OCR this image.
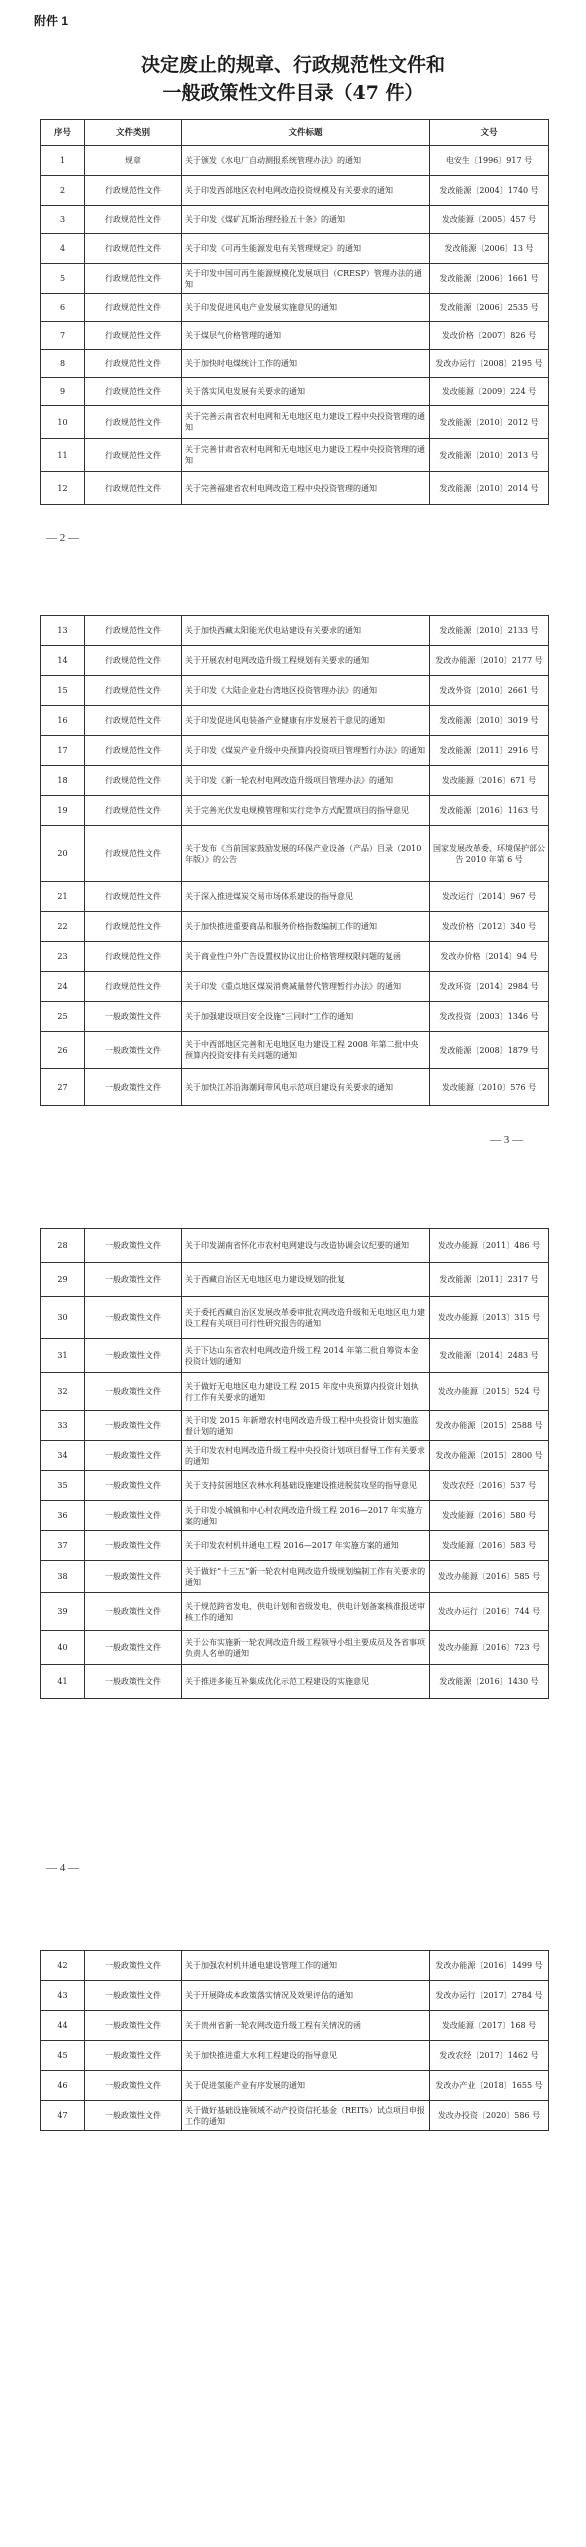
附件 1
决定废止的规章、行政规范性文件和
一般政策性文件目录（47 件）
序号	文件类别	文件标题	文号
1	规章	关于颁发《水电厂自动测报系统管理办法》的通知	电安生〔1996〕917 号
2	行政规范性文件	关于印发西部地区农村电网改造投资规模及有关要求的通知	发改能源〔2004〕1740 号
3	行政规范性文件	关于印发《煤矿瓦斯治理经验五十条》的通知	发改能源〔2005〕457 号
4	行政规范性文件	关于印发《可再生能源发电有关管理规定》的通知	发改能源〔2006〕13 号
5	行政规范性文件	关于印发中国可再生能源规模化发展项目（CRESP）管理办法的通知	发改能源〔2006〕1661 号
6	行政规范性文件	关于印发促进风电产业发展实施意见的通知	发改能源〔2006〕2535 号
7	行政规范性文件	关于煤层气价格管理的通知	发改价格〔2007〕826 号
8	行政规范性文件	关于加快时电煤统计工作的通知	发改办运行〔2008〕2195 号
9	行政规范性文件	关于落实风电发展有关要求的通知	发改能源〔2009〕224 号
10	行政规范性文件	关于完善云南省农村电网和无电地区电力建设工程中央投资管理的通知	发改能源〔2010〕2012 号
11	行政规范性文件	关于完善甘肃省农村电网和无电地区电力建设工程中央投资管理的通知	发改能源〔2010〕2013 号
12	行政规范性文件	关于完善福建省农村电网改造工程中央投资管理的通知	发改能源〔2010〕2014 号
— 2 —
13	行政规范性文件	关于加快西藏太阳能光伏电站建设有关要求的通知	发改能源〔2010〕2133 号
14	行政规范性文件	关于开展农村电网改造升级工程规划有关要求的通知	发改办能源〔2010〕2177 号
15	行政规范性文件	关于印发《大陆企业赴台湾地区投资管理办法》的通知	发改外资〔2010〕2661 号
16	行政规范性文件	关于印发促进风电装备产业健康有序发展若干意见的通知	发改能源〔2010〕3019 号
17	行政规范性文件	关于印发《煤炭产业升级中央预算内投资项目管理暂行办法》的通知	发改能源〔2011〕2916 号
18	行政规范性文件	关于印发《新一轮农村电网改造升级项目管理办法》的通知	发改能源〔2016〕671 号
19	行政规范性文件	关于完善光伏发电规模管理和实行竞争方式配置项目的指导意见	发改能源〔2016〕1163 号
20	行政规范性文件	关于发布《当前国家鼓励发展的环保产业设备（产品）目录（2010 年版）》的公告	国家发展改革委、环境保护部公告 2010 年第 6 号
21	行政规范性文件	关于深入推进煤炭交易市场体系建设的指导意见	发改运行〔2014〕967 号
22	行政规范性文件	关于加快推进重要商品和服务价格指数编制工作的通知	发改价格〔2012〕340 号
23	行政规范性文件	关于商业性户外广告设置权协议出让价格管理权限问题的复函	发改办价格〔2014〕94 号
24	行政规范性文件	关于印发《重点地区煤炭消费减量替代管理暂行办法》的通知	发改环资〔2014〕2984 号
25	一般政策性文件	关于加强建设项目安全设施“三同时”工作的通知	发改投资〔2003〕1346 号
26	一般政策性文件	关于中西部地区完善和无电地区电力建设工程 2008 年第二批中央预算内投资安排有关问题的通知	发改能源〔2008〕1879 号
27	一般政策性文件	关于加快江苏沿海潮间带风电示范项目建设有关要求的通知	发改能源〔2010〕576 号
— 3 —
28	一般政策性文件	关于印发湖南省怀化市农村电网建设与改造协调会议纪要的通知	发改办能源〔2011〕486 号
29	一般政策性文件	关于西藏自治区无电地区电力建设规划的批复	发改能源〔2011〕2317 号
30	一般政策性文件	关于委托西藏自治区发展改革委审批农网改造升级和无电地区电力建设工程有关项目可行性研究报告的通知	发改办能源〔2013〕315 号
31	一般政策性文件	关于下达山东省农村电网改造升级工程 2014 年第二批自筹资本金投资计划的通知	发改能源〔2014〕2483 号
32	一般政策性文件	关于做好无电地区电力建设工程 2015 年度中央预算内投资计划执行工作有关要求的通知	发改办能源〔2015〕524 号
33	一般政策性文件	关于印发 2015 年新增农村电网改造升级工程中央投资计划实施监督计划的通知	发改办能源〔2015〕2588 号
34	一般政策性文件	关于印发农村电网改造升级工程中央投资计划项目督导工作有关要求的通知	发改办能源〔2015〕2800 号
35	一般政策性文件	关于支持贫困地区农林水利基础设施建设推进脱贫攻坚的指导意见	发改农经〔2016〕537 号
36	一般政策性文件	关于印发小城镇和中心村农网改造升级工程 2016—2017 年实施方案的通知	发改能源〔2016〕580 号
37	一般政策性文件	关于印发农村机井通电工程 2016—2017 年实施方案的通知	发改能源〔2016〕583 号
38	一般政策性文件	关于做好“十三五”新一轮农村电网改造升级规划编制工作有关要求的通知	发改办能源〔2016〕585 号
39	一般政策性文件	关于规范跨省发电、供电计划和省级发电、供电计划备案核准报送审核工作的通知	发改办运行〔2016〕744 号
40	一般政策性文件	关于公布实施新一轮农网改造升级工程领导小组主要成员及各省事项负责人名单的通知	发改办能源〔2016〕723 号
41	一般政策性文件	关于推进多能互补集成优化示范工程建设的实施意见	发改能源〔2016〕1430 号
— 4 —
42	一般政策性文件	关于加强农村机井通电建设管理工作的通知	发改办能源〔2016〕1499 号
43	一般政策性文件	关于开展降成本政策落实情况及效果评估的通知	发改办运行〔2017〕2784 号
44	一般政策性文件	关于贵州省新一轮农网改造升级工程有关情况的函	发改能源〔2017〕168 号
45	一般政策性文件	关于加快推进重大水利工程建设的指导意见	发改农经〔2017〕1462 号
46	一般政策性文件	关于促进氢能产业有序发展的通知	发改办产业〔2018〕1655 号
47	一般政策性文件	关于做好基础设施领域不动产投资信托基金（REITs）试点项目申报工作的通知	发改办投资〔2020〕586 号
